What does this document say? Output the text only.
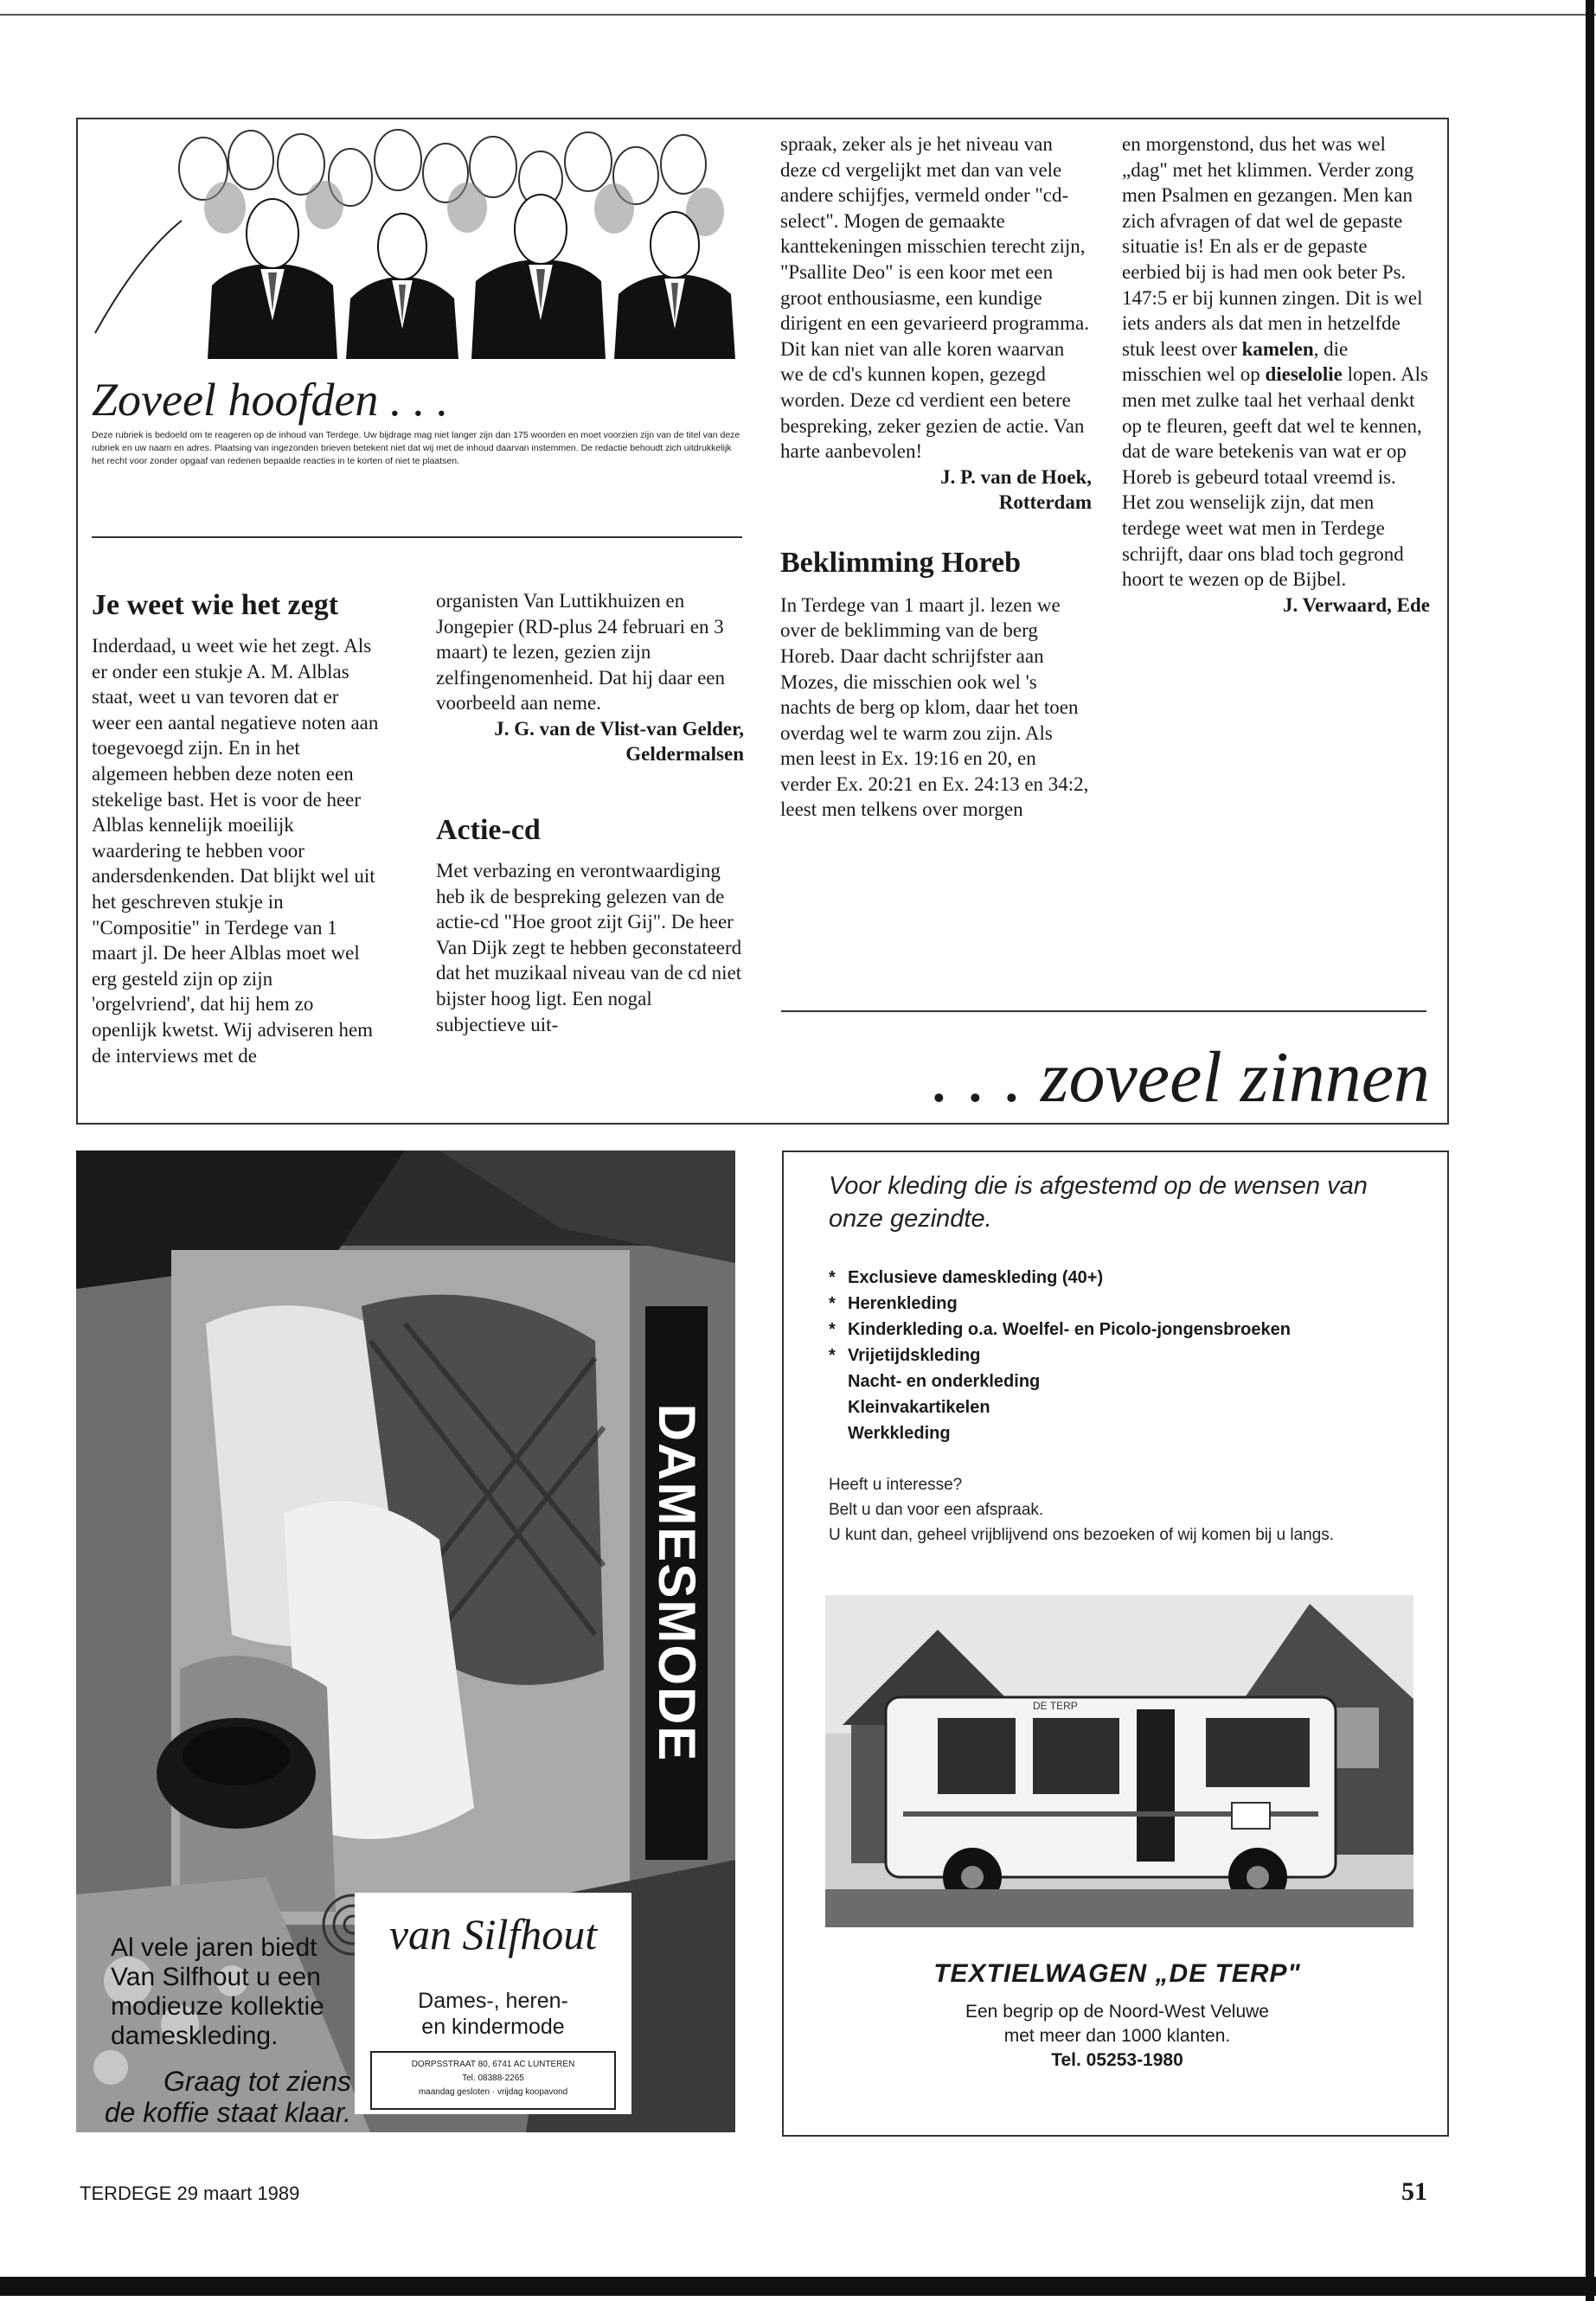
Zoveel hoofden . . .
Deze rubriek is bedoeld om te reageren op de inhoud van Terdege. Uw bijdrage mag niet langer zijn dan 175 woorden en moet voorzien zijn van de titel van deze rubriek en uw naam en adres. Plaatsing van ingezonden brieven betekent niet dat wij met de inhoud daarvan instemmen. De redactie behoudt zich uitdrukkelijk het recht voor zonder opgaaf van redenen bepaalde reacties in te korten of niet te plaatsen.
Je weet wie het zegt

Inderdaad, u weet wie het zegt. Als er onder een stukje A. M. Alblas staat, weet u van tevoren dat er weer een aantal negatieve noten aan toegevoegd zijn. En in het algemeen hebben deze noten een stekelige bast. Het is voor de heer Alblas kennelijk moeilijk waardering te hebben voor andersdenkenden. Dat blijkt wel uit het geschreven stukje in "Compositie" in Terdege van 1 maart jl. De heer Alblas moet wel erg gesteld zijn op zijn 'orgelvriend', dat hij hem zo openlijk kwetst. Wij adviseren hem de interviews met de

organisten Van Luttikhuizen en Jongepier (RD-plus 24 februari en 3 maart) te lezen, gezien zijn zelfingenomenheid. Dat hij daar een voorbeeld aan neme.

J. G. van de Vlist-van Gelder,
Geldermalsen
Actie-cd

Met verbazing en verontwaardiging heb ik de bespreking gelezen van de actie-cd "Hoe groot zijt Gij". De heer Van Dijk zegt te hebben geconstateerd dat het muzikaal niveau van de cd niet bijster hoog ligt. Een nogal subjectieve uit-

spraak, zeker als je het niveau van deze cd vergelijkt met dan van vele andere schijfjes, vermeld onder "cd-select". Mogen de gemaakte kanttekeningen misschien terecht zijn, "Psallite Deo" is een koor met een groot enthousiasme, een kundige dirigent en een gevarieerd programma. Dit kan niet van alle koren waarvan we de cd's kunnen kopen, gezegd worden. Deze cd verdient een betere bespreking, zeker gezien de actie. Van harte aanbevolen!

J. P. van de Hoek,
Rotterdam
Beklimming Horeb

In Terdege van 1 maart jl. lezen we over de beklimming van de berg Horeb. Daar dacht schrijfster aan Mozes, die misschien ook wel 's nachts de berg op klom, daar het toen overdag wel te warm zou zijn. Als men leest in Ex. 19:16 en 20, en verder Ex. 20:21 en Ex. 24:13 en 34:2, leest men telkens over morgen

en morgenstond, dus het was wel „dag" met het klimmen. Verder zong men Psalmen en gezangen. Men kan zich afvragen of dat wel de gepaste situatie is! En als er de gepaste eerbied bij is had men ook beter Ps. 147:5 er bij kunnen zingen. Dit is wel iets anders als dat men in hetzelfde stuk leest over kamelen, die misschien wel op dieselolie lopen. Als men met zulke taal het verhaal denkt op te fleuren, geeft dat wel te kennen, dat de ware betekenis van wat er op Horeb is gebeurd totaal vreemd is.

Het zou wenselijk zijn, dat men terdege weet wat men in Terdege schrijft, daar ons blad toch gegrond hoort te wezen op de Bijbel.

J. Verwaard, Ede
. . . zoveel zinnen
DAMESMODE
van Silfhout
Dames-, heren-
en kindermode
DORPSSTRAAT 80, 6741 AC LUNTEREN
Tel. 08388-2265
maandag gesloten · vrijdag koopavond
Al vele jaren biedt
Van Silfhout u een
modieuze kollektie
dameskleding.
Graag tot ziens
de koffie staat klaar.
Voor kleding die is afgestemd op de wensen van onze gezindte.
* Exclusieve dameskleding (40+)
* Herenkleding
* Kinderkleding o.a. Woelfel- en Picolo-jongensbroeken
* Vrijetijdskleding
Nacht- en onderkleding
Kleinvakartikelen
Werkkleding
Heeft u interesse?
Belt u dan voor een afspraak.
U kunt dan, geheel vrijblijvend ons bezoeken of wij komen bij u langs.
DE TERP
TEXTIELWAGEN „DE TERP"
Een begrip op de Noord-West Veluwe
met meer dan 1000 klanten.
Tel. 05253-1980
TERDEGE 29 maart 1989	51
